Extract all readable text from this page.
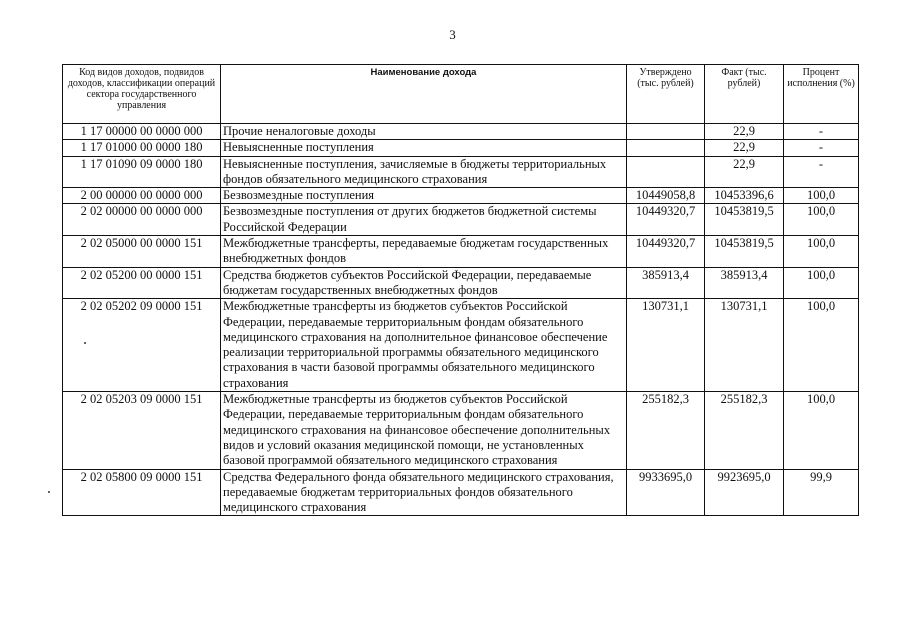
3
Код видов доходов, подвидов доходов, классификации операций сектора государственного управления	Наименование дохода	Утверждено (тыс. рублей)	Факт (тыс. рублей)	Процент исполнения (%)
1 17 00000 00 0000 000	Прочие неналоговые доходы		22,9	-
1 17 01000 00 0000 180	Невыясненные поступления		22,9	-
1 17 01090 09 0000 180	Невыясненные поступления, зачисляемые в бюджеты территориальных фондов обязательного медицинского страхования		22,9	-
2 00 00000 00 0000 000	Безвозмездные поступления	10449058,8	10453396,6	100,0
2 02 00000 00 0000 000	Безвозмездные поступления от других бюджетов бюджетной системы Российской Федерации	10449320,7	10453819,5	100,0
2 02 05000 00 0000 151	Межбюджетные трансферты, передаваемые бюджетам государственных внебюджетных фондов	10449320,7	10453819,5	100,0
2 02 05200 00 0000 151	Средства бюджетов субъектов Российской Федерации, передаваемые бюджетам государственных внебюджетных фондов	385913,4	385913,4	100,0
2 02 05202 09 0000 151	Межбюджетные трансферты из бюджетов субъектов Российской Федерации, передаваемые территориальным фондам обязательного медицинского страхования на дополнительное финансовое обеспечение реализации территориальной программы обязательного медицинского страхования в части базовой программы обязательного медицинского страхования	130731,1	130731,1	100,0
2 02 05203 09 0000 151	Межбюджетные трансферты из бюджетов субъектов Российской Федерации, передаваемые территориальным фондам обязательного медицинского страхования на финансовое обеспечение дополнительных видов и условий оказания медицинской помощи, не установленных базовой программой обязательного медицинского страхования	255182,3	255182,3	100,0
2 02 05800 09 0000 151	Средства Федерального фонда обязательного медицинского страхования, передаваемые бюджетам территориальных фондов обязательного медицинского страхования	9933695,0	9923695,0	99,9
